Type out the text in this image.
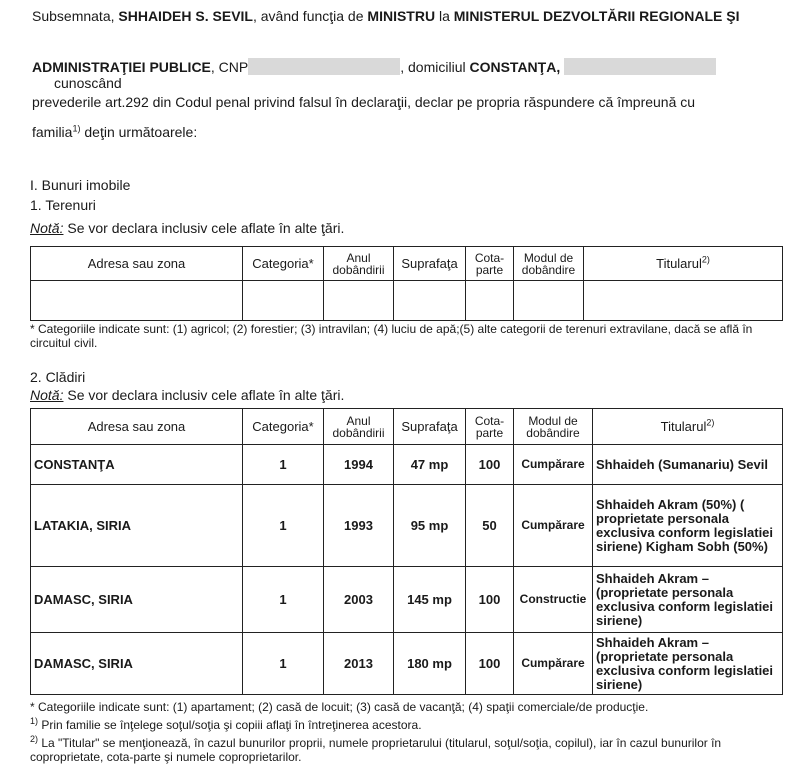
Subsemnata, SHHAIDEH S. SEVIL, având funcţia de MINISTRU la MINISTERUL DEZVOLTĂRII REGIONALE ŞI
ADMINISTRAŢIEI PUBLICE, CNP	, domiciliul CONSTANŢA,  cunoscând
prevederile art.292 din Codul penal privind falsul în declaraţii, declar pe propria răspundere că împreună cu
familia$^{1)}$ deţin următoarele:
I. Bunuri imobile
1. Terenuri
Notă: Se vor declara inclusiv cele aflate în alte ţări.
Adresa sau zona	Categoria*	Anul dobândirii	Suprafaţa	Cota-parte	Modul de dobândire	Titularul$^{2)}$

* Categoriile indicate sunt: (1) agricol; (2) forestier; (3) intravilan; (4) luciu de apă;(5) alte categorii de terenuri extravilane, dacă se află în circuitul civil.
2. Clădiri
Notă: Se vor declara inclusiv cele aflate în alte ţări.
Adresa sau zona	Categoria*	Anul dobândirii	Suprafaţa	Cota-parte	Modul de dobândire	Titularul$^{2)}$
CONSTANŢA	1	1994	47 mp	100	Cumpărare	Shhaideh (Sumanariu) Sevil
LATAKIA, SIRIA	1	1993	95 mp	50	Cumpărare	Shhaideh Akram (50%) ( proprietate personala exclusiva conform legislatiei siriene) Kigham Sobh (50%)
DAMASC, SIRIA	1	2003	145 mp	100	Constructie	Shhaideh Akram – (proprietate personala exclusiva conform legislatiei siriene)
DAMASC, SIRIA	1	2013	180 mp	100	Cumpărare	Shhaideh Akram – (proprietate personala exclusiva conform legislatiei siriene)
* Categoriile indicate sunt: (1) apartament; (2) casă de locuit; (3) casă de vacanţă; (4) spaţii comerciale/de producţie.
$^{1)}$ Prin familie se înţelege soţul/soţia şi copiii aflaţi în întreţinerea acestora.
$^{2)}$ La "Titular" se menţionează, în cazul bunurilor proprii, numele proprietarului (titularul, soţul/soţia, copilul), iar în cazul bunurilor în coproprietate, cota-parte şi numele coproprietarilor.
